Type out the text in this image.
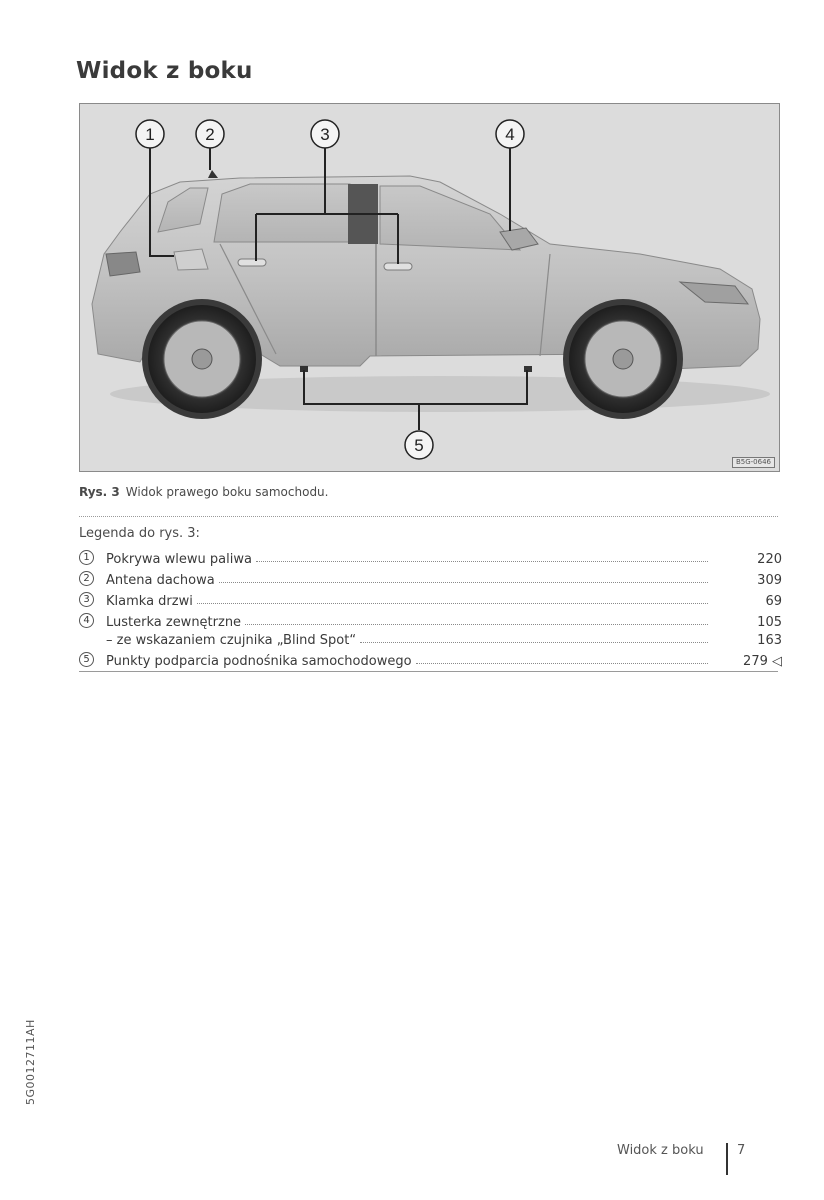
Widok z boku
1	2	3	4
5
B5G-0646
Rys. 3 Widok prawego boku samochodu.
Legenda do rys. 3:
1	Pokrywa wlewu paliwa	220
2	Antena dachowa	309
3	Klamka drzwi	69
4	Lusterka zewnętrzne	105
– ze wskazaniem czujnika „Blind Spot“	163
5	Punkty podparcia podnośnika samochodowego	279 ◁
5G0012711AH
Widok z boku	7
